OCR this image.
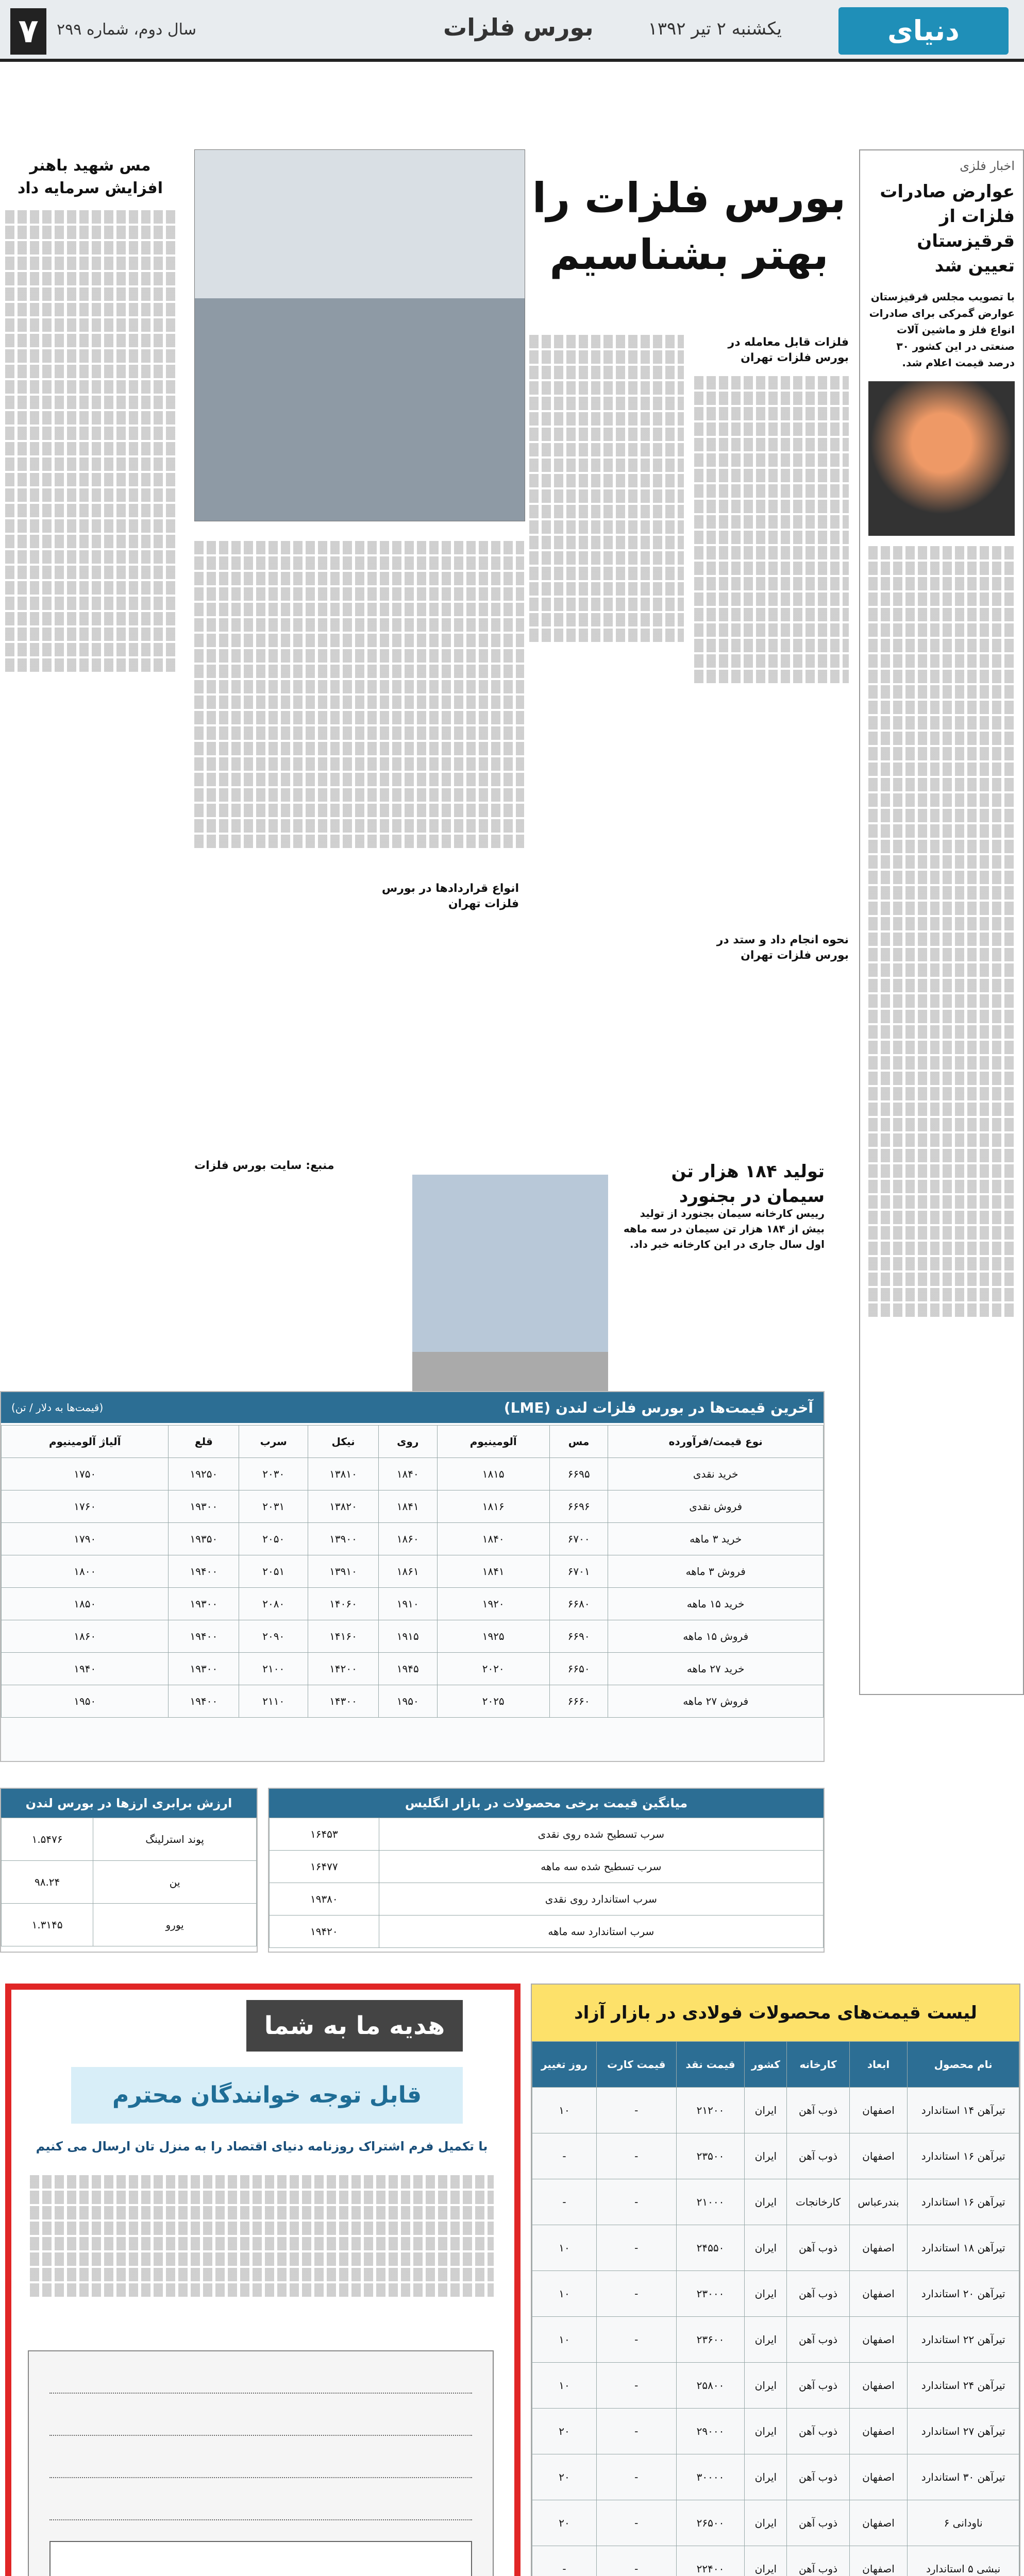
دنیای اقتصاد
یکشنبه ۲ تیر ۱۳۹۲
بورس فلزات
سال دوم، شماره ۲۹۹
۷
اخبار فلزی
عوارض صادرات فلزات از قرقیزستان تعیین شد

با تصویب مجلس قرقیزستان عوارض گمرکی برای صادرات انواع فلز و ماشین آلات صنعتی در این کشور ۳۰ درصد قیمت اعلام شد.

بورس فلزات را بهتر بشناسیم
فلزات قابل معامله در بورس فلزات تهران
نحوه انجام داد و ستد در بورس فلزات تهران
انواع قراردادها در بورس فلزات تهران
منبع: سایت بورس فلزات
مس شهید باهنر افزایش سرمایه داد
تولید ۱۸۴ هزار تن سیمان در بجنورد

رییس کارخانه سیمان بجنورد از تولید بیش از ۱۸۴ هزار تن سیمان در سه ماهه اول سال جاری در این کارخانه خبر داد.

آخرین قیمت‌ها در بورس فلزات لندن (LME)
(قیمت‌ها به دلار / تن)
نوع قیمت/فرآورده	مس	آلومینیوم	روی	نیکل	سرب	قلع	آلیاژ آلومینیوم
خرید نقدی	۶۶۹۵	۱۸۱۵	۱۸۴۰	۱۳۸۱۰	۲۰۳۰	۱۹۲۵۰	۱۷۵۰
فروش نقدی	۶۶۹۶	۱۸۱۶	۱۸۴۱	۱۳۸۲۰	۲۰۳۱	۱۹۳۰۰	۱۷۶۰
خرید ۳ ماهه	۶۷۰۰	۱۸۴۰	۱۸۶۰	۱۳۹۰۰	۲۰۵۰	۱۹۳۵۰	۱۷۹۰
فروش ۳ ماهه	۶۷۰۱	۱۸۴۱	۱۸۶۱	۱۳۹۱۰	۲۰۵۱	۱۹۴۰۰	۱۸۰۰
خرید ۱۵ ماهه	۶۶۸۰	۱۹۲۰	۱۹۱۰	۱۴۰۶۰	۲۰۸۰	۱۹۳۰۰	۱۸۵۰
فروش ۱۵ ماهه	۶۶۹۰	۱۹۲۵	۱۹۱۵	۱۴۱۶۰	۲۰۹۰	۱۹۴۰۰	۱۸۶۰
خرید ۲۷ ماهه	۶۶۵۰	۲۰۲۰	۱۹۴۵	۱۴۲۰۰	۲۱۰۰	۱۹۳۰۰	۱۹۴۰
فروش ۲۷ ماهه	۶۶۶۰	۲۰۲۵	۱۹۵۰	۱۴۳۰۰	۲۱۱۰	۱۹۴۰۰	۱۹۵۰
میانگین قیمت برخی محصولات در بازار انگلیس
سرب تسطیح شده روی نقدی	۱۶۴۵۳
سرب تسطیح شده سه ماهه	۱۶۴۷۷
سرب استاندارد روی نقدی	۱۹۳۸۰
سرب استاندارد سه ماهه	۱۹۴۲۰
ارزش برابری ارزها در بورس لندن
پوند استرلینگ	۱.۵۴۷۶
ین	۹۸.۲۴
یورو	۱.۳۱۴۵
هدیه ما به شما
قابل توجه خوانندگان محترم
با تکمیل فرم اشتراک روزنامه دنیای اقتصاد را به منزل تان ارسال می کنیم
لیست قیمت‌های محصولات فولادی در بازار آزاد
نام محصول	ابعاد	کارخانه	کشور	قیمت نقد	قیمت کارت	روز تغییر
تیرآهن ۱۴ استاندارد	اصفهان	ذوب آهن	ایران	۲۱۲۰۰	-	۱۰
تیرآهن ۱۶ استاندارد	اصفهان	ذوب آهن	ایران	۲۳۵۰۰	-	-
تیرآهن ۱۶ استاندارد	بندرعباس	کارخانجات	ایران	۲۱۰۰۰	-	-
تیرآهن ۱۸ استاندارد	اصفهان	ذوب آهن	ایران	۲۴۵۵۰	-	۱۰
تیرآهن ۲۰ استاندارد	اصفهان	ذوب آهن	ایران	۲۳۰۰۰	-	۱۰
تیرآهن ۲۲ استاندارد	اصفهان	ذوب آهن	ایران	۲۳۶۰۰	-	۱۰
تیرآهن ۲۴ استاندارد	اصفهان	ذوب آهن	ایران	۲۵۸۰۰	-	۱۰
تیرآهن ۲۷ استاندارد	اصفهان	ذوب آهن	ایران	۲۹۰۰۰	-	۲۰
تیرآهن ۳۰ استاندارد	اصفهان	ذوب آهن	ایران	۳۰۰۰۰	-	۲۰
ناودانی ۶	اصفهان	ذوب آهن	ایران	۲۶۵۰۰	-	۲۰
نبشی ۵ استاندارد	اصفهان	ذوب آهن	ایران	۲۲۴۰۰	-	-
